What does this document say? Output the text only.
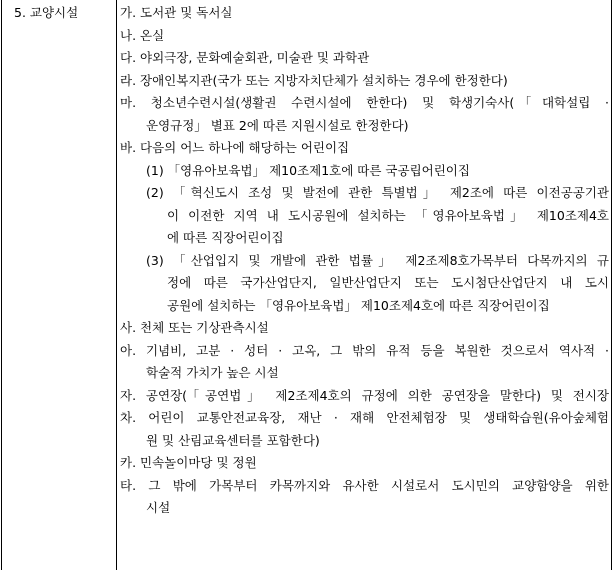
5. 교양시설	가. 도서관 및 독서실
나. 온실
다. 야외극장, 문화예술회관, 미술관 및 과학관
라. 장애인복지관(국가 또는 지방자치단체가 설치하는 경우에 한정한다)
마. 청소년수련시설(생활권 수련시설에 한한다) 및 학생기숙사(「대학설립 ·
운영규정」 별표 2에 따른 지원시설로 한정한다)
바. 다음의 어느 하나에 해당하는 어린이집
(1) 「영유아보육법」 제10조제1호에 따른 국공립어린이집
(2) 「혁신도시 조성 및 발전에 관한 특별법」 제2조에 따른 이전공공기관
이 이전한 지역 내 도시공원에 설치하는 「영유아보육법」 제10조제4호
에 따른 직장어린이집
(3) 「산업입지 및 개발에 관한 법률」 제2조제8호가목부터 다목까지의 규
정에 따른 국가산업단지, 일반산업단지 또는 도시첨단산업단지 내 도시
공원에 설치하는 「영유아보육법」 제10조제4호에 따른 직장어린이집
사. 천체 또는 기상관측시설
아. 기념비, 고분 · 성터 · 고옥, 그 밖의 유적 등을 복원한 것으로서 역사적 ·
학술적 가치가 높은 시설
자. 공연장(「공연법」 제2조제4호의 규정에 의한 공연장을 말한다) 및 전시장
차. 어린이 교통안전교육장, 재난 · 재해 안전체험장 및 생태학습원(유아숲체험
원 및 산림교육센터를 포함한다)
카. 민속놀이마당 및 정원
타. 그 밖에 가목부터 카목까지와 유사한 시설로서 도시민의 교양함양을 위한
시설
